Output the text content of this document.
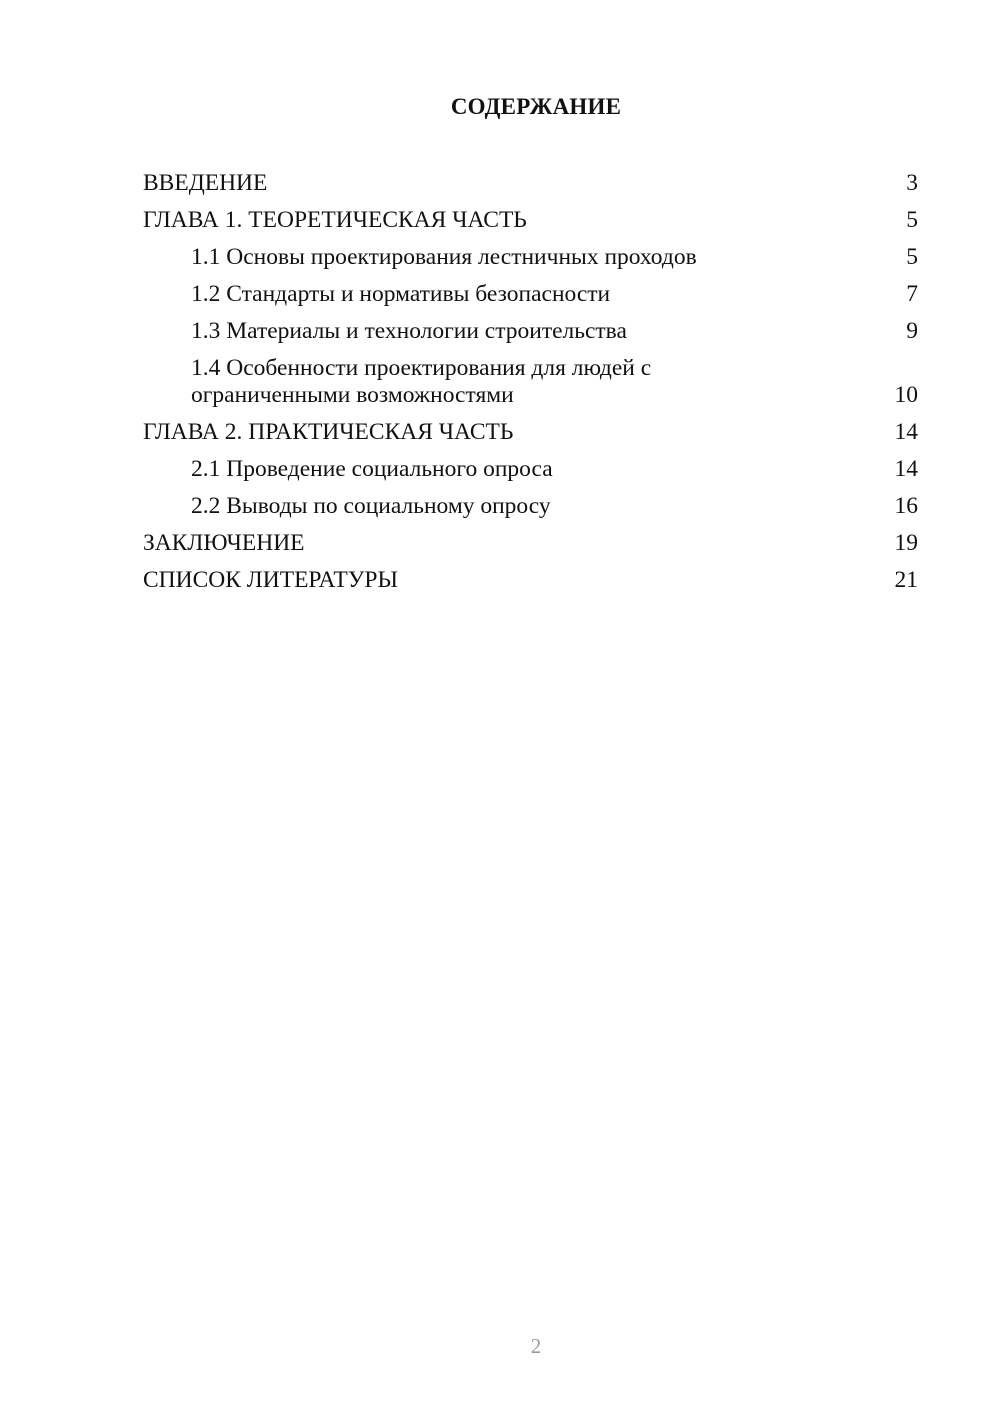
СОДЕРЖАНИЕ
ВВЕДЕНИЕ	3
ГЛАВА 1. ТЕОРЕТИЧЕСКАЯ ЧАСТЬ	5
1.1 Основы проектирования лестничных проходов	5
1.2 Стандарты и нормативы безопасности	7
1.3 Материалы и технологии строительства	9
1.4 Особенности проектирования для людей с ограниченными возможностями	10
ГЛАВА 2. ПРАКТИЧЕСКАЯ ЧАСТЬ	14
2.1 Проведение социального опроса	14
2.2 Выводы по социальному опросу	16
ЗАКЛЮЧЕНИЕ	19
СПИСОК ЛИТЕРАТУРЫ	21
2
